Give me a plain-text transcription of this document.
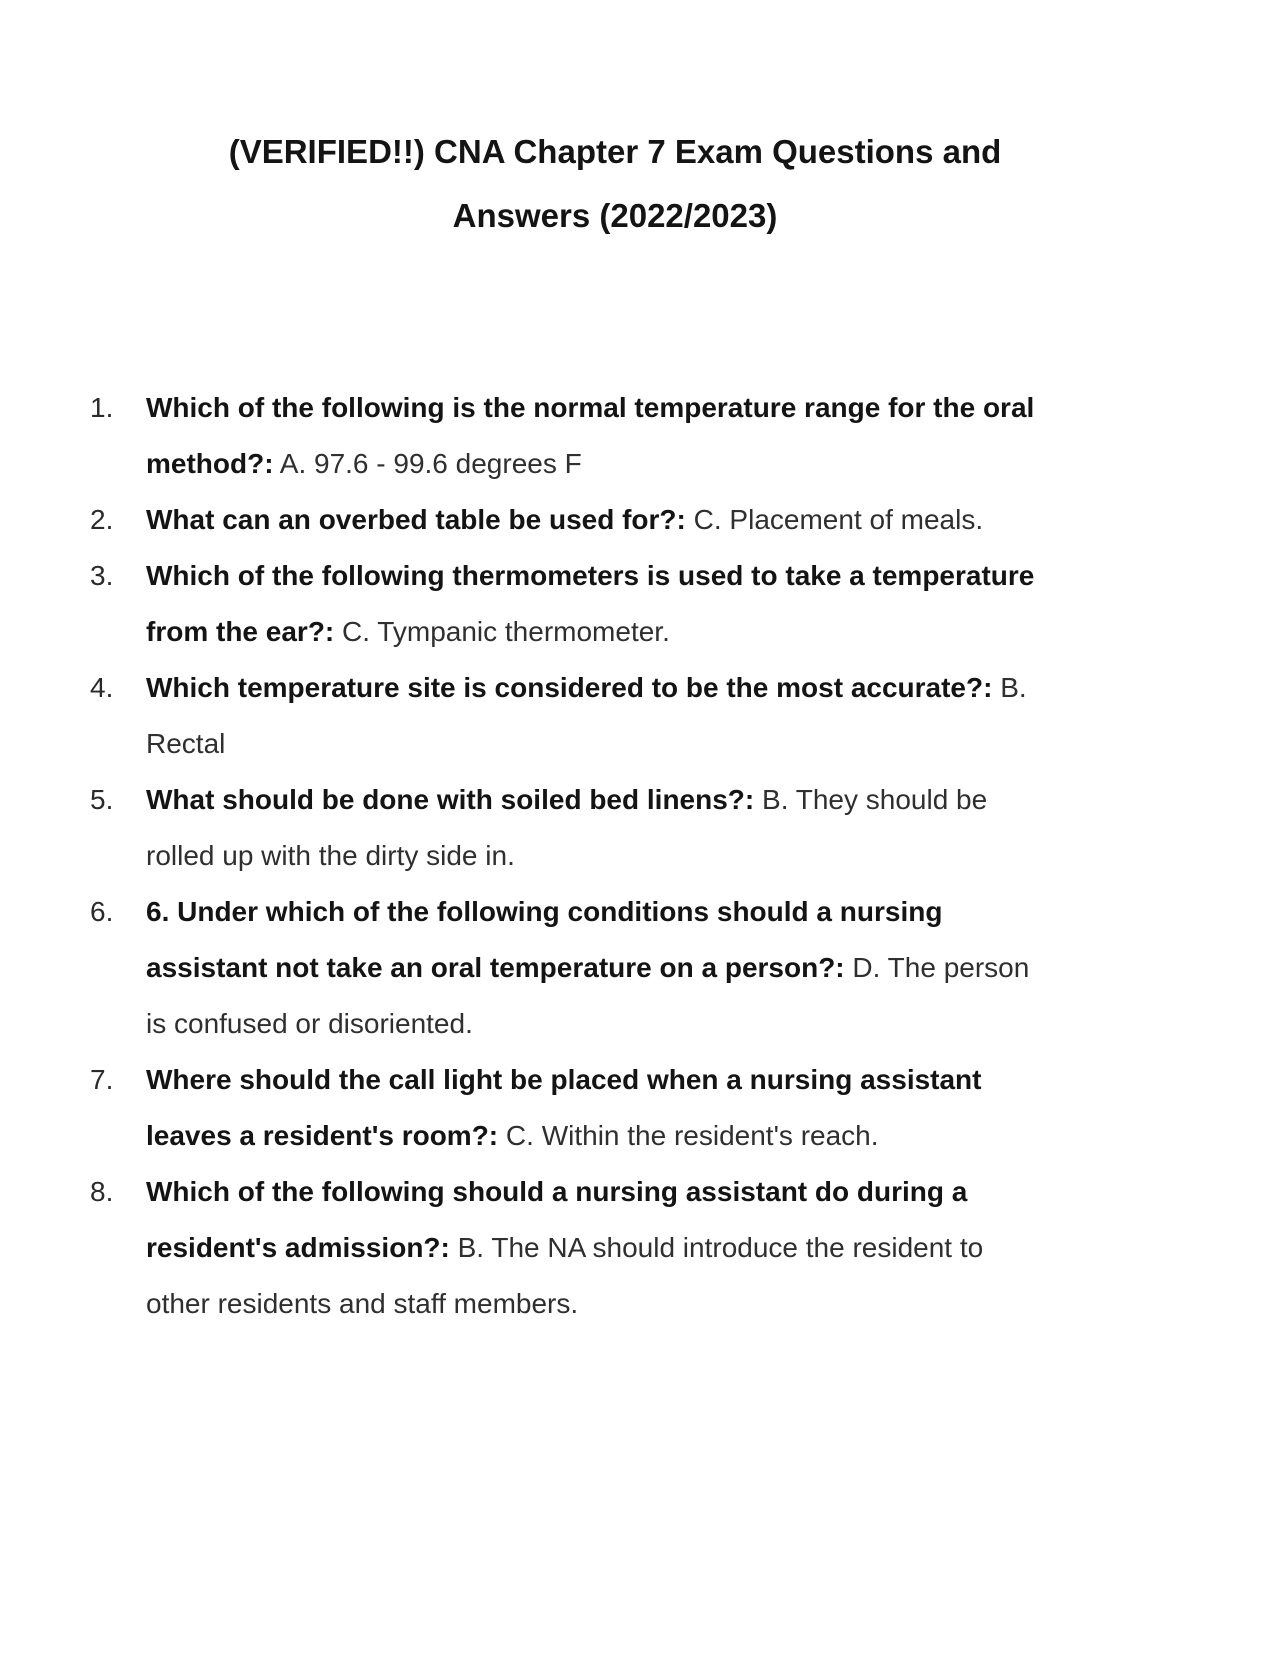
(VERIFIED!!) CNA Chapter 7 Exam Questions and Answers (2022/2023)
1.	Which of the following is the normal temperature range for the oral method?: A. 97.6 - 99.6 degrees F
2.	What can an overbed table be used for?: C. Placement of meals.
3.	Which of the following thermometers is used to take a temperature from the ear?: C. Tympanic thermometer.
4.	Which temperature site is considered to be the most accurate?: B. Rectal
5.	What should be done with soiled bed linens?: B. They should be rolled up with the dirty side in.
6.	6. Under which of the following conditions should a nursing assistant not take an oral temperature on a person?: D. The person is confused or disoriented.
7.	Where should the call light be placed when a nursing assistant leaves a resident's room?: C. Within the resident's reach.
8.	Which of the following should a nursing assistant do during a resident's admission?: B. The NA should introduce the resident to other residents and staff members.
